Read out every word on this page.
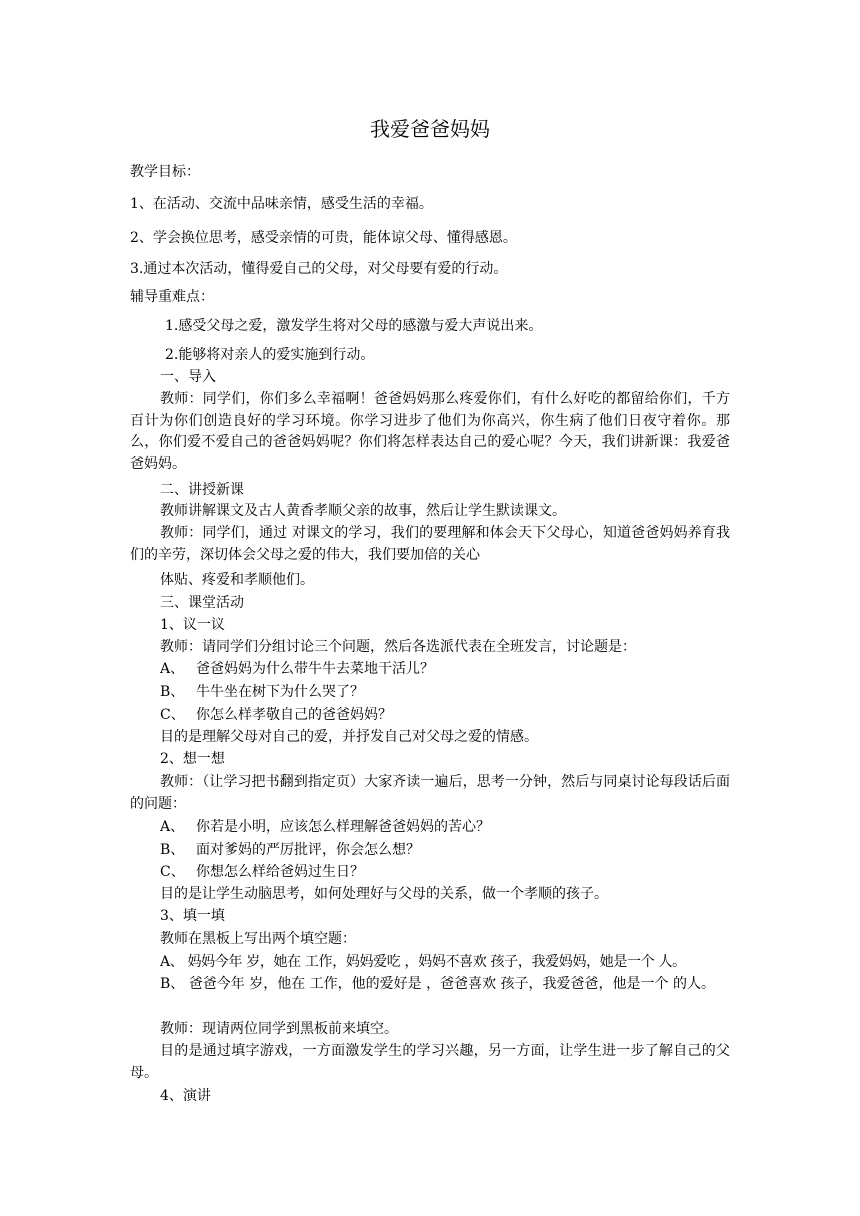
我爱爸爸妈妈
教学目标：
1、在活动、交流中品味亲情，感受生活的幸福。
2、学会换位思考，感受亲情的可贵，能体谅父母、懂得感恩。
3.通过本次活动，懂得爱自己的父母，对父母要有爱的行动。
辅导重难点：
1.感受父母之爱，激发学生将对父母的感激与爱大声说出来。
2.能够将对亲人的爱实施到行动。
一、导入
教师：同学们，你们多么幸福啊！爸爸妈妈那么疼爱你们，有什么好吃的都留给你们，千方百计为你们创造良好的学习环境。你学习进步了他们为你高兴，你生病了他们日夜守着你。那么，你们爱不爱自己的爸爸妈妈呢？你们将怎样表达自己的爱心呢？今天，我们讲新课：我爱爸爸妈妈。
二、讲授新课
教师讲解课文及古人黄香孝顺父亲的故事，然后让学生默读课文。
教师：同学们，通过 对课文的学习，我们的要理解和体会天下父母心，知道爸爸妈妈养育我们的辛劳，深切体会父母之爱的伟大，我们要加倍的关心
体贴、疼爱和孝顺他们。
三、课堂活动
1、议一议
教师：请同学们分组讨论三个问题，然后各选派代表在全班发言，讨论题是：
A、 爸爸妈妈为什么带牛牛去菜地干活儿？
B、 牛牛坐在树下为什么哭了？
C、 你怎么样孝敬自己的爸爸妈妈？
目的是理解父母对自己的爱，并抒发自己对父母之爱的情感。
2、想一想
教师：（让学习把书翻到指定页）大家齐读一遍后，思考一分钟，然后与同桌讨论每段话后面的问题：
A、 你若是小明，应该怎么样理解爸爸妈妈的苦心？
B、 面对爹妈的严厉批评，你会怎么想？
C、 你想怎么样给爸妈过生日？
目的是让学生动脑思考，如何处理好与父母的关系，做一个孝顺的孩子。
3、填一填
教师在黑板上写出两个填空题：
A、 妈妈今年 岁，她在 工作，妈妈爱吃 ，妈妈不喜欢 孩子，我爱妈妈，她是一个 人。
B、 爸爸今年 岁，他在 工作，他的爱好是 ，爸爸喜欢 孩子，我爱爸爸，他是一个 的人。
教师：现请两位同学到黑板前来填空。
目的是通过填字游戏，一方面激发学生的学习兴趣，另一方面，让学生进一步了解自己的父母。
4、演讲
